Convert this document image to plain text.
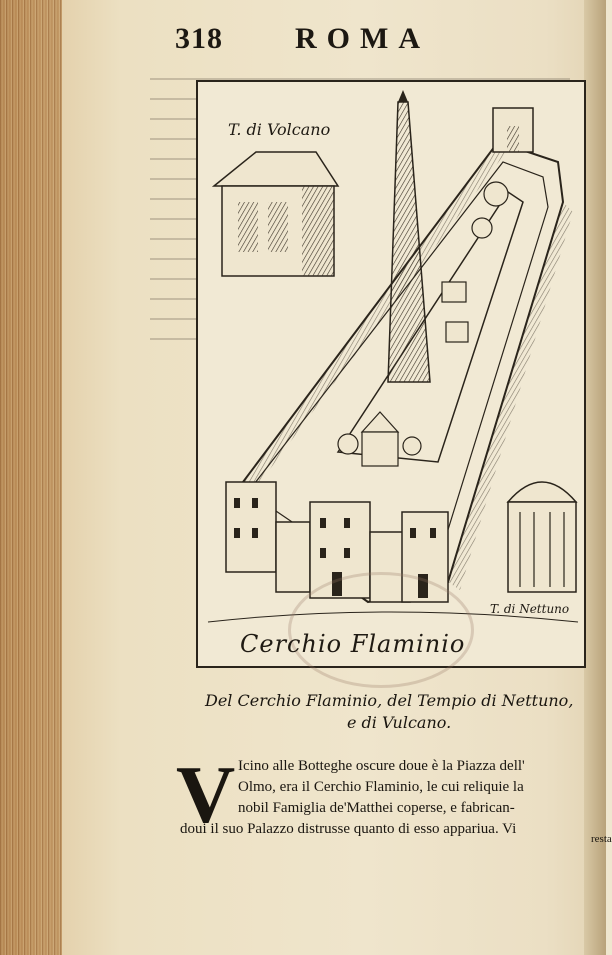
318 ROMA
T. di Volcano
T. di Nettuno
Cerchio Flaminio
Del Cerchio Flaminio, del Tempio di Nettuno,
e di Vulcano.
V Icino alle Botteghe oscure doue è la Piazza dell'
Olmo, era il Cerchio Flaminio, le cui reliquie la
nobil Famiglia de'Matthei coperse, e fabrican-
doui il suo Palazzo distrusse quanto di esso appariua. Vi
resta
